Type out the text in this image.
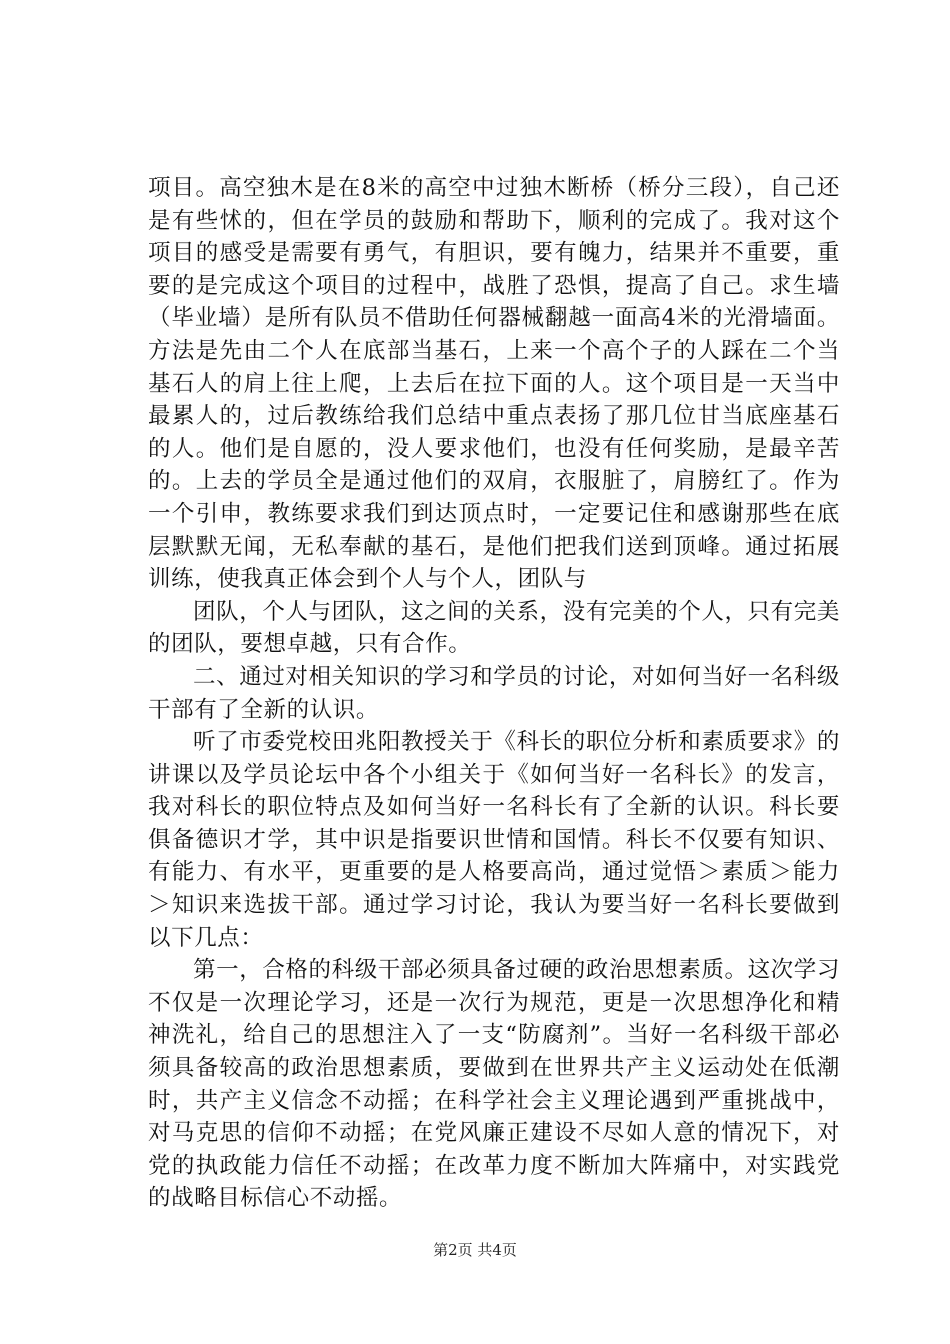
项目。高空独木是在8米的高空中过独木断桥（桥分三段），自己还是有些怵的，但在学员的鼓励和帮助下，顺利的完成了。我对这个项目的感受是需要有勇气，有胆识，要有魄力，结果并不重要，重要的是完成这个项目的过程中，战胜了恐惧，提高了自己。求生墙（毕业墙）是所有队员不借助任何器械翻越一面高4米的光滑墙面。方法是先由二个人在底部当基石，上来一个高个子的人踩在二个当基石人的肩上往上爬，上去后在拉下面的人。这个项目是一天当中最累人的，过后教练给我们总结中重点表扬了那几位甘当底座基石的人。他们是自愿的，没人要求他们，也没有任何奖励，是最辛苦的。上去的学员全是通过他们的双肩，衣服脏了，肩膀红了。作为一个引申，教练要求我们到达顶点时，一定要记住和感谢那些在底层默默无闻，无私奉献的基石，是他们把我们送到顶峰。通过拓展训练，使我真正体会到个人与个人，团队与

团队，个人与团队，这之间的关系，没有完美的个人，只有完美的团队，要想卓越，只有合作。

二、通过对相关知识的学习和学员的讨论，对如何当好一名科级干部有了全新的认识。

听了市委党校田兆阳教授关于《科长的职位分析和素质要求》的讲课以及学员论坛中各个小组关于《如何当好一名科长》的发言，我对科长的职位特点及如何当好一名科长有了全新的认识。科长要俱备德识才学，其中识是指要识世情和国情。科长不仅要有知识、有能力、有水平，更重要的是人格要高尚，通过觉悟＞素质＞能力＞知识来选拔干部。通过学习讨论，我认为要当好一名科长要做到以下几点：

第一，合格的科级干部必须具备过硬的政治思想素质。这次学习不仅是一次理论学习，还是一次行为规范，更是一次思想净化和精神洗礼，给自己的思想注入了一支“防腐剂”。当好一名科级干部必须具备较高的政治思想素质，要做到在世界共产主义运动处在低潮时，共产主义信念不动摇；在科学社会主义理论遇到严重挑战中，对马克思的信仰不动摇；在党风廉正建设不尽如人意的情况下，对党的执政能力信任不动摇；在改革力度不断加大阵痛中，对实践党的战略目标信心不动摇。

第2页 共4页
